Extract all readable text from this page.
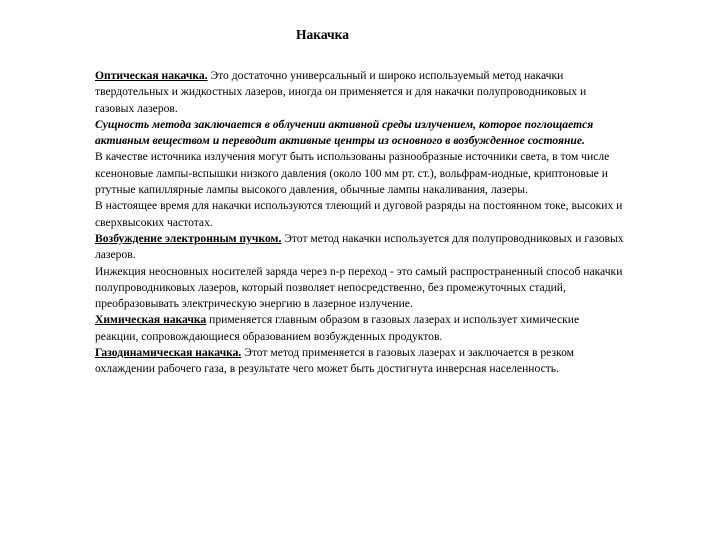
Накачка

Оптическая накачка. Это достаточно универсальный и широко используемый метод накачки твердотельных и жидкостных лазеров, иногда он применяется и для накачки полупроводниковых и газовых лазеров.

Сущность метода заключается в облучении активной среды излучением, которое поглощается активным веществом и переводит активные центры из основного в возбужденное состояние.

В качестве источника излучения могут быть использованы разнообразные источники света, в том числе ксеноновые лампы-вспышки низкого давления (около 100 мм рт. ст.), вольфрам-иодные, криптоновые и ртутные капиллярные лампы высокого давления, обычные лампы накаливания, лазеры.

В настоящее время для накачки используются тлеющий и дуговой разряды на постоянном токе, высоких и сверхвысоких частотах.

Возбуждение электронным пучком. Этот метод накачки используется для полупроводниковых и газовых лазеров.

Инжекция неосновных носителей заряда через n-p переход - это самый распространенный способ накачки полупроводниковых лазеров, который позволяет непосредственно, без промежуточных стадий, преобразовывать электрическую энергию в лазерное излучение.

Химическая накачка применяется главным образом в газовых лазерах и использует химические реакции, сопровождающиеся образованием возбужденных продуктов.

Газодинамическая накачка. Этот метод применяется в газовых лазерах и заключается в резком охлаждении рабочего газа, в результате чего может быть достигнута инверсная населенность.
